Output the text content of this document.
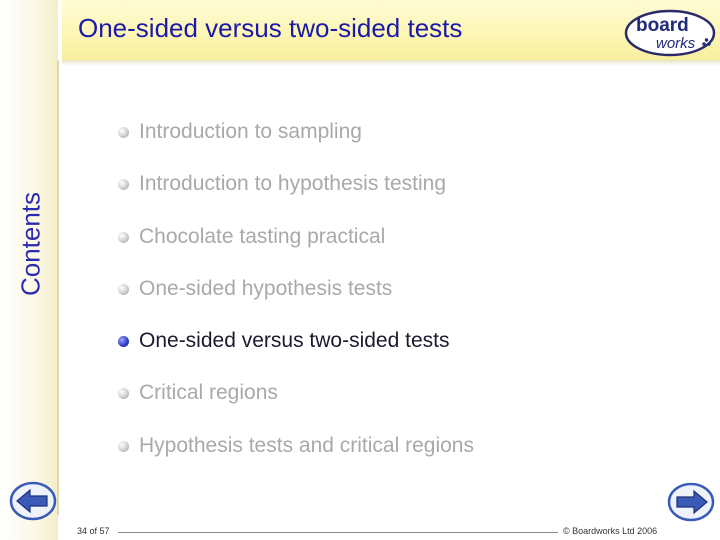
Contents
One-sided versus two-sided tests	board
works
Introduction to sampling
Introduction to hypothesis testing
Chocolate tasting practical
One-sided hypothesis tests
One-sided versus two-sided tests
Critical regions
Hypothesis tests and critical regions
34 of 57	© Boardworks Ltd 2006
